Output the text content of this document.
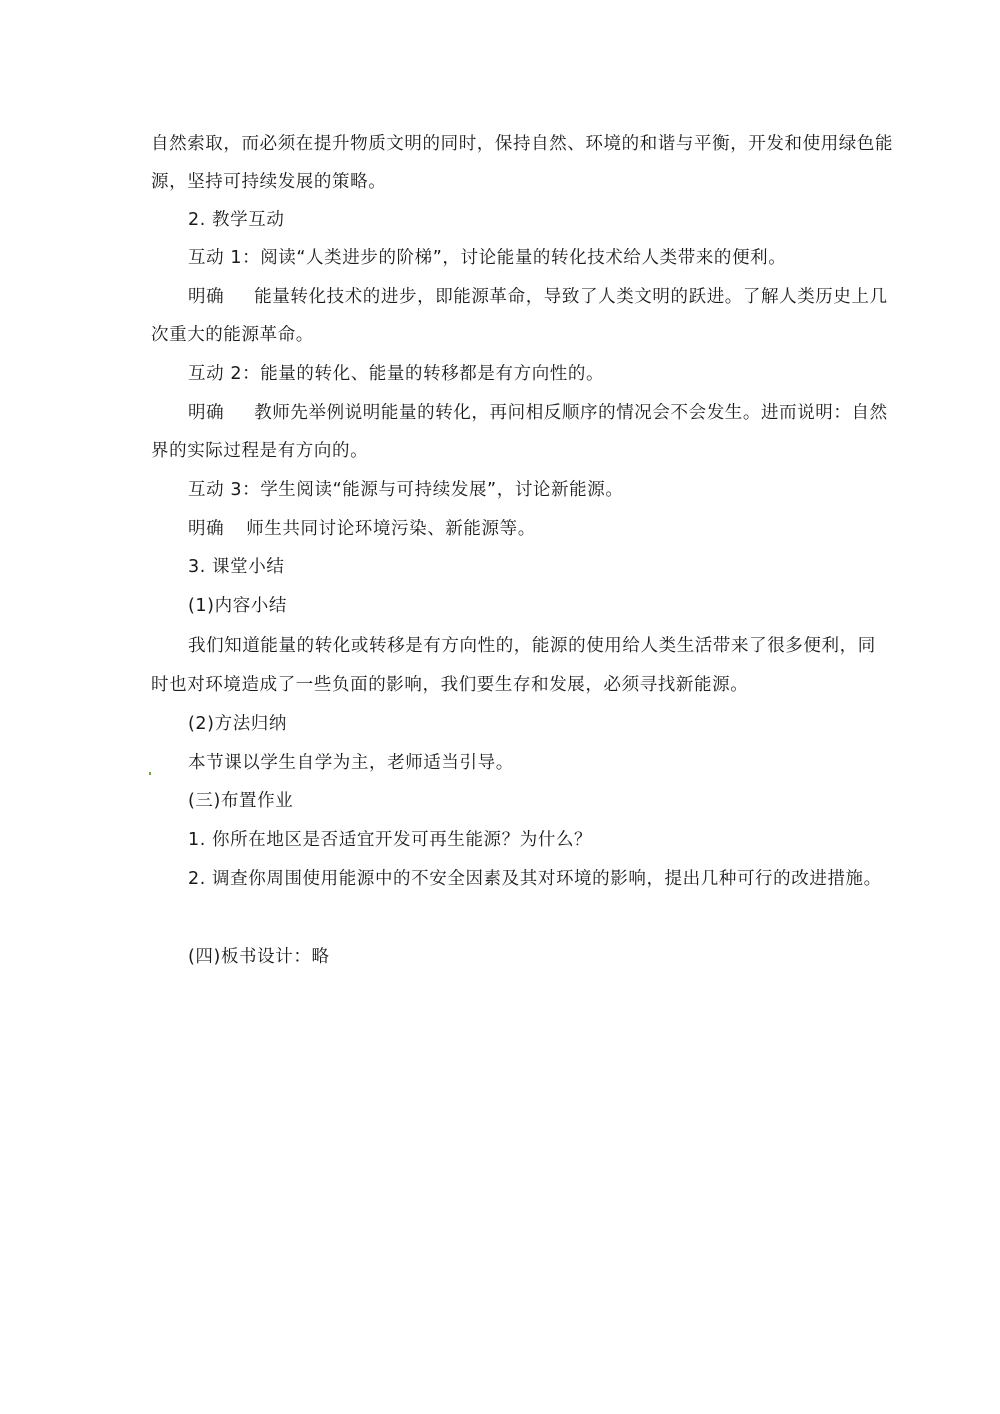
自然索取，而必须在提升物质文明的同时，保持自然、环境的和谐与平衡，开发和使用绿色能
源，坚持可持续发展的策略。
2. 教学互动
互动 1：阅读“人类进步的阶梯”，讨论能量的转化技术给人类带来的便利。
明确 能量转化技术的进步，即能源革命，导致了人类文明的跃进。了解人类历史上几
次重大的能源革命。
互动 2：能量的转化、能量的转移都是有方向性的。
明确 教师先举例说明能量的转化，再问相反顺序的情况会不会发生。进而说明：自然
界的实际过程是有方向的。
互动 3：学生阅读“能源与可持续发展”，讨论新能源。
明确 师生共同讨论环境污染、新能源等。
3. 课堂小结
(1)内容小结
我们知道能量的转化或转移是有方向性的，能源的使用给人类生活带来了很多便利，同
时也对环境造成了一些负面的影响，我们要生存和发展，必须寻找新能源。
(2)方法归纳
本节课以学生自学为主，老师适当引导。
(三)布置作业
1. 你所在地区是否适宜开发可再生能源？为什么？
2. 调查你周围使用能源中的不安全因素及其对环境的影响，提出几种可行的改进措施。
(四)板书设计：略
